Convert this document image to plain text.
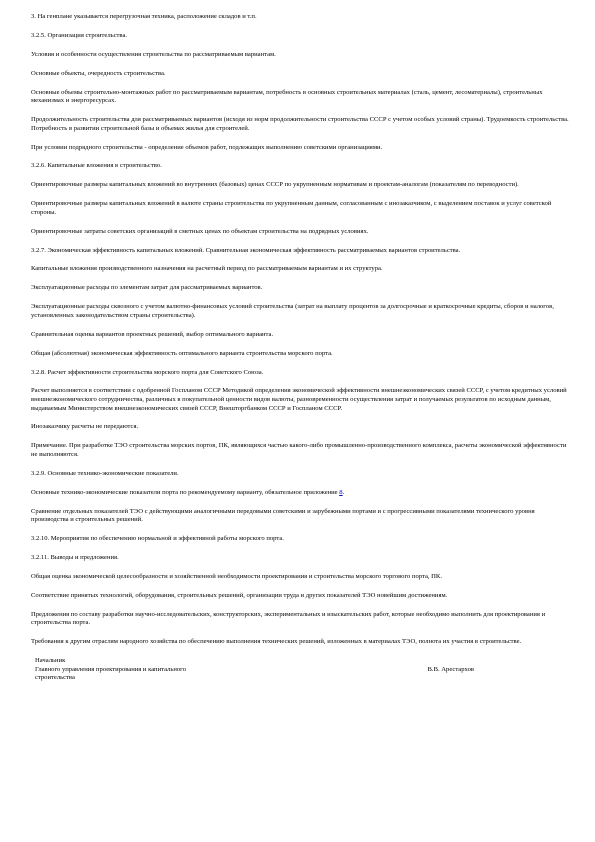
3. На генплане указывается перегрузочная техника, расположение складов и т.п.
3.2.5. Организация строительства.
Условия и особенности осуществления строительства по рассматриваемым вариантам.
Основные объекты, очередность строительства.
Основные объемы строительно-монтажных работ по рассматриваемым вариантам, потребность в основных строительных материалах (сталь, цемент, лесоматериалы), строительных механизмах и энергоресурсах.
Продолжительность строительства для рассматриваемых вариантов (исходя из норм продолжительности строительства СССР с учетом особых условий страны). Трудоемкость строительства. Потребность в развитии строительной базы и объемах жилья для строителей.
При условии подрядного строительства - определение объемов работ, подлежащих выполнению советскими организациями.
3.2.6. Капитальные вложения в строительство.
Ориентировочные размеры капитальных вложений во внутренних (базовых) ценах СССР по укрупненным нормативам и проектам-аналогам (показателям по переводности).
Ориентировочные размеры капитальных вложений в валюте страны строительства по укрупненным данным, согласованным с инозаказчиком, с выделением поставок и услуг советской стороны.
Ориентировочные затраты советских организаций в сметных ценах по объектам строительства на подрядных условиях.
3.2.7. Экономическая эффективность капитальных вложений. Сравнительная экономическая эффективность рассматриваемых вариантов строительства.
Капитальные вложения производственного назначения на расчетный период по рассматриваемым вариантам и их структура.
Эксплуатационные расходы по элементам затрат для рассматриваемых вариантов.
Эксплуатационные расходы сквозного с учетом валютно-финансовых условий строительства (затрат на выплату процентов за долгосрочные и краткосрочные кредиты, сборов и налогов, установленных законодательством страны строительства).
Сравнительная оценка вариантов проектных решений, выбор оптимального варианта.
Общая (абсолютная) экономическая эффективность оптимального варианта строительства морского порта.
3.2.8. Расчет эффективности строительства морского порта для Советского Союза.
Расчет выполняется в соответствии с одобренной Госпланом СССР Методикой определения экономической эффективности внешнеэкономических связей СССР, с учетом кредитных условий внешнеэкономического сотрудничества, различных в покупательной ценности видов валюты, разновременности осуществления затрат и получаемых результатов по исходным данным, выдаваемым Министерством внешнеэкономических связей СССР, Внешторгбанком СССР и Госпланом СССР.
Инозаказчику расчеты не передаются.
Примечание. При разработке ТЭО строительства морских портов, ПК, являющихся частью какого-либо промышленно-производственного комплекса, расчеты экономической эффективности не выполняются.
3.2.9. Основные технико-экономические показатели.
Основные технико-экономические показатели порта по рекомендуемому варианту, обязательное приложение 8.
Сравнение отдельных показателей ТЭО с действующими аналогичными передовыми советскими и зарубежными портами и с прогрессивными показателями технического уровня производства и строительных решений.
3.2.10. Мероприятия по обеспечению нормальной и эффективной работы морского порта.
3.2.11. Выводы и предложения.
Общая оценка экономической целесообразности и хозяйственной необходимости проектирования и строительства морского торгового порта, ПК.
Соответствие принятых технологий, оборудования, строительных решений, организации труда и других показателей ТЭО новейшим достижениям.
Предложения по составу разработки научно-исследовательских, конструкторских, экспериментальных и изыскательских работ, которые необходимо выполнить для проектирования и строительства порта.
Требования к другим отраслям народного хозяйства по обеспечению выполнения технических решений, изложенных в материалах ТЭО, полнота их участия в строительстве.
Начальник
Главного управления проектирования и капитального
строительства
В.В. Арестархов
